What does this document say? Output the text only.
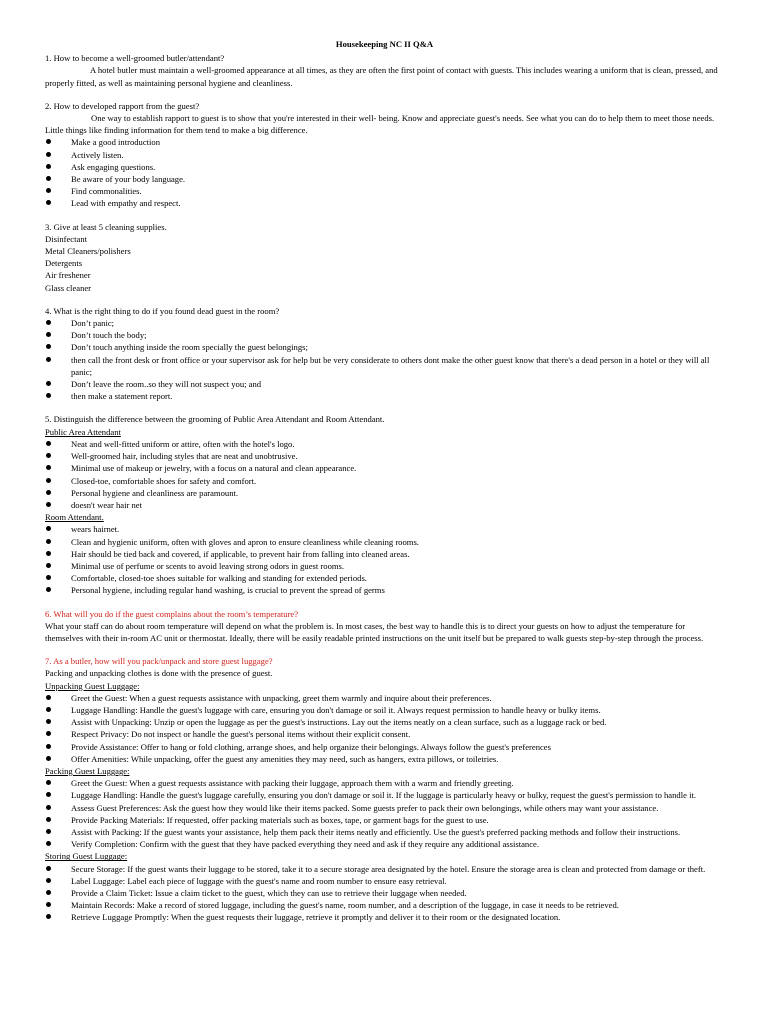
Housekeeping NC II Q&A

1. How to become a well-groomed butler/attendant?

A hotel butler must maintain a well-groomed appearance at all times, as they are often the first point of contact with guests. This includes wearing a uniform that is clean, pressed, and properly fitted, as well as maintaining personal hygiene and cleanliness.

2. How to developed rapport from the guest?

One way to establish rapport to guest is to show that you're interested in their well- being. Know and appreciate guest's needs. See what you can do to help them to meet those needs. Little things like finding information for them tend to make a big difference.

Make a good introduction
Actively listen.
Ask engaging questions.
Be aware of your body language.
Find commonalities.
Lead with empathy and respect.

3. Give at least 5 cleaning supplies.

Disinfectant

Metal Cleaners/polishers

Detergents

Air freshener

Glass cleaner

4. What is the right thing to do if you found dead guest in the room?

Don’t panic;
Don’t touch the body;
Don’t touch anything inside the room specially the guest belongings;
then call the front desk or front office or your supervisor ask for help but be very considerate to others dont make the other guest know that there's a dead person in a hotel or they will all panic;
Don’t leave the room..so they will not suspect you; and
then make a statement report.

5. Distinguish the difference between the grooming of Public Area Attendant and Room Attendant.

Public Area Attendant

Neat and well-fitted uniform or attire, often with the hotel's logo.
Well-groomed hair, including styles that are neat and unobtrusive.
Minimal use of makeup or jewelry, with a focus on a natural and clean appearance.
Closed-toe, comfortable shoes for safety and comfort.
Personal hygiene and cleanliness are paramount.
doesn't wear hair net

Room Attendant.

wears hairnet.
Clean and hygienic uniform, often with gloves and apron to ensure cleanliness while cleaning rooms.
Hair should be tied back and covered, if applicable, to prevent hair from falling into cleaned areas.
Minimal use of perfume or scents to avoid leaving strong odors in guest rooms.
Comfortable, closed-toe shoes suitable for walking and standing for extended periods.
Personal hygiene, including regular hand washing, is crucial to prevent the spread of germs

6. What will you do if the guest complains about the room’s temperature?

What your staff can do about room temperature will depend on what the problem is. In most cases, the best way to handle this is to direct your guests on how to adjust the temperature for themselves with their in-room AC unit or thermostat. Ideally, there will be easily readable printed instructions on the unit itself but be prepared to walk guests step-by-step through the process.

7. As a butler, how will you pack/unpack and store guest luggage?

Packing and unpacking clothes is done with the presence of guest.

Unpacking Guest Luggage:

Greet the Guest: When a guest requests assistance with unpacking, greet them warmly and inquire about their preferences.
Luggage Handling: Handle the guest's luggage with care, ensuring you don't damage or soil it. Always request permission to handle heavy or bulky items.
Assist with Unpacking: Unzip or open the luggage as per the guest's instructions. Lay out the items neatly on a clean surface, such as a luggage rack or bed.
Respect Privacy: Do not inspect or handle the guest's personal items without their explicit consent.
Provide Assistance: Offer to hang or fold clothing, arrange shoes, and help organize their belongings. Always follow the guest's preferences
Offer Amenities: While unpacking, offer the guest any amenities they may need, such as hangers, extra pillows, or toiletries.

Packing Guest Luggage:

Greet the Guest: When a guest requests assistance with packing their luggage, approach them with a warm and friendly greeting.
Luggage Handling: Handle the guest's luggage carefully, ensuring you don't damage or soil it. If the luggage is particularly heavy or bulky, request the guest's permission to handle it.
Assess Guest Preferences: Ask the guest how they would like their items packed. Some guests prefer to pack their own belongings, while others may want your assistance.
Provide Packing Materials: If requested, offer packing materials such as boxes, tape, or garment bags for the guest to use.
Assist with Packing: If the guest wants your assistance, help them pack their items neatly and efficiently. Use the guest's preferred packing methods and follow their instructions.
Verify Completion: Confirm with the guest that they have packed everything they need and ask if they require any additional assistance.

Storing Guest Luggage:

Secure Storage: If the guest wants their luggage to be stored, take it to a secure storage area designated by the hotel. Ensure the storage area is clean and protected from damage or theft.
Label Luggage: Label each piece of luggage with the guest's name and room number to ensure easy retrieval.
Provide a Claim Ticket: Issue a claim ticket to the guest, which they can use to retrieve their luggage when needed.
Maintain Records: Make a record of stored luggage, including the guest's name, room number, and a description of the luggage, in case it needs to be retrieved.
Retrieve Luggage Promptly: When the guest requests their luggage, retrieve it promptly and deliver it to their room or the designated location.
